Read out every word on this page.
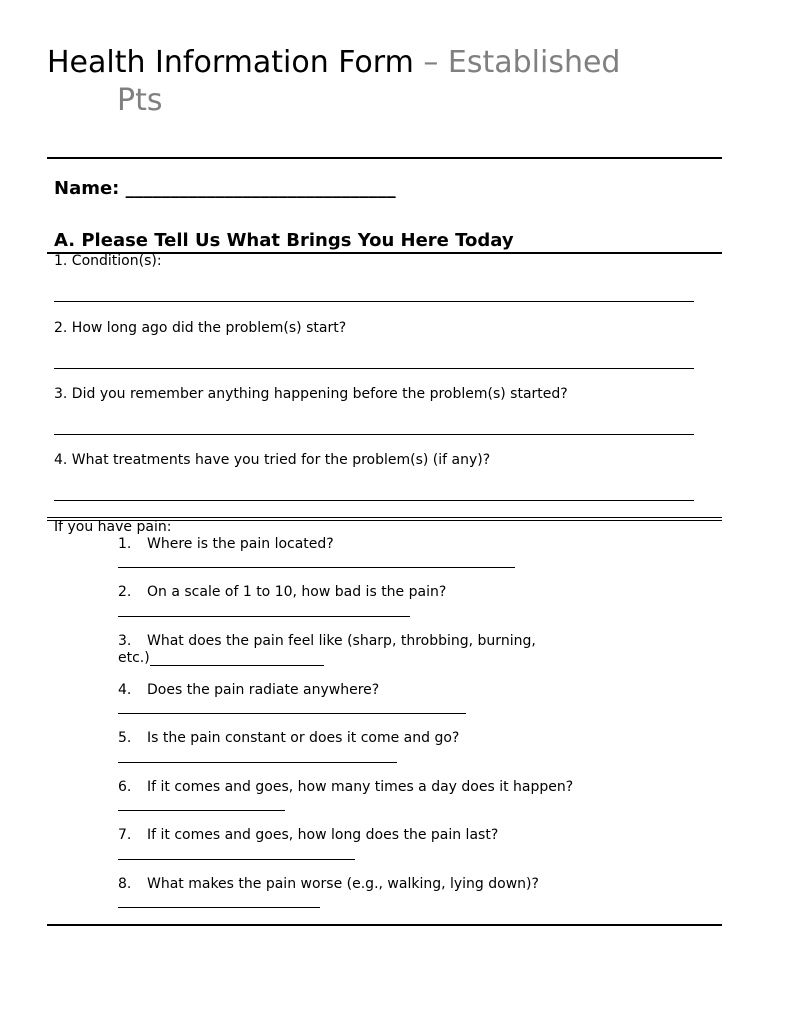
Health Information Form – Established
Pts
Name: ______________________________
A. Please Tell Us What Brings You Here Today
1. Condition(s):
2. How long ago did the problem(s) start?
3. Did you remember anything happening before the problem(s) started?
4. What treatments have you tried for the problem(s) (if any)?
If you have pain:
1. Where is the pain located?
2. On a scale of 1 to 10, how bad is the pain?
3. What does the pain feel like (sharp, throbbing, burning,
etc.)
4. Does the pain radiate anywhere?
5. Is the pain constant or does it come and go?
6. If it comes and goes, how many times a day does it happen?
7. If it comes and goes, how long does the pain last?
8. What makes the pain worse (e.g., walking, lying down)?
